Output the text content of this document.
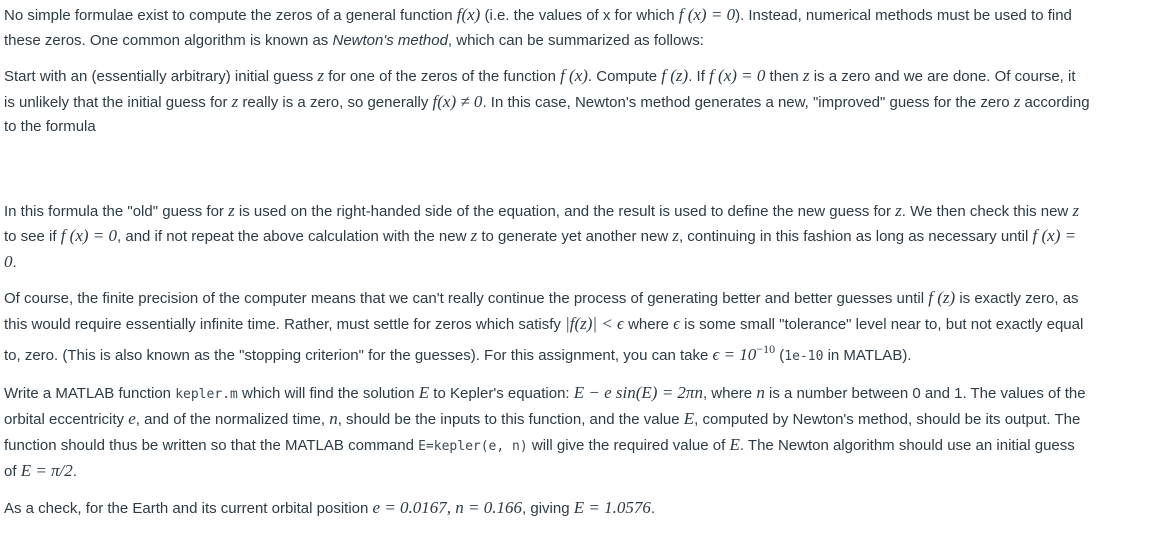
No simple formulae exist to compute the zeros of a general function f(x) (i.e. the values of x for which f (x) = 0). Instead, numerical methods must be used to find these zeros. One common algorithm is known as Newton's method, which can be summarized as follows:

Start with an (essentially arbitrary) initial guess z for one of the zeros of the function f (x). Compute f (z). If f (x) = 0 then z is a zero and we are done. Of course, it is unlikely that the initial guess for z really is a zero, so generally f(x) ≠ 0. In this case, Newton's method generates a new, "improved" guess for the zero z according to the formula

In this formula the "old" guess for z is used on the right-handed side of the equation, and the result is used to define the new guess for z. We then check this new z to see if f (x) = 0, and if not repeat the above calculation with the new z to generate yet another new z, continuing in this fashion as long as necessary until f (x) = 0.

Of course, the finite precision of the computer means that we can't really continue the process of generating better and better guesses until f (z) is exactly zero, as this would require essentially infinite time. Rather, must settle for zeros which satisfy |f(z)| < ϵ where ϵ is some small "tolerance" level near to, but not exactly equal to, zero. (This is also known as the "stopping criterion" for the guesses). For this assignment, you can take $\epsilon = 10^{-10}$ (1e-10 in MATLAB).

Write a MATLAB function kepler.m which will find the solution E to Kepler's equation: E − e sin(E) = 2πn, where n is a number between 0 and 1. The values of the orbital eccentricity e, and of the normalized time, n, should be the inputs to this function, and the value E, computed by Newton's method, should be its output. The function should thus be written so that the MATLAB command E=kepler(e, n) will give the required value of E. The Newton algorithm should use an initial guess of E = π/2.

As a check, for the Earth and its current orbital position e = 0.0167, n = 0.166, giving E = 1.0576.
